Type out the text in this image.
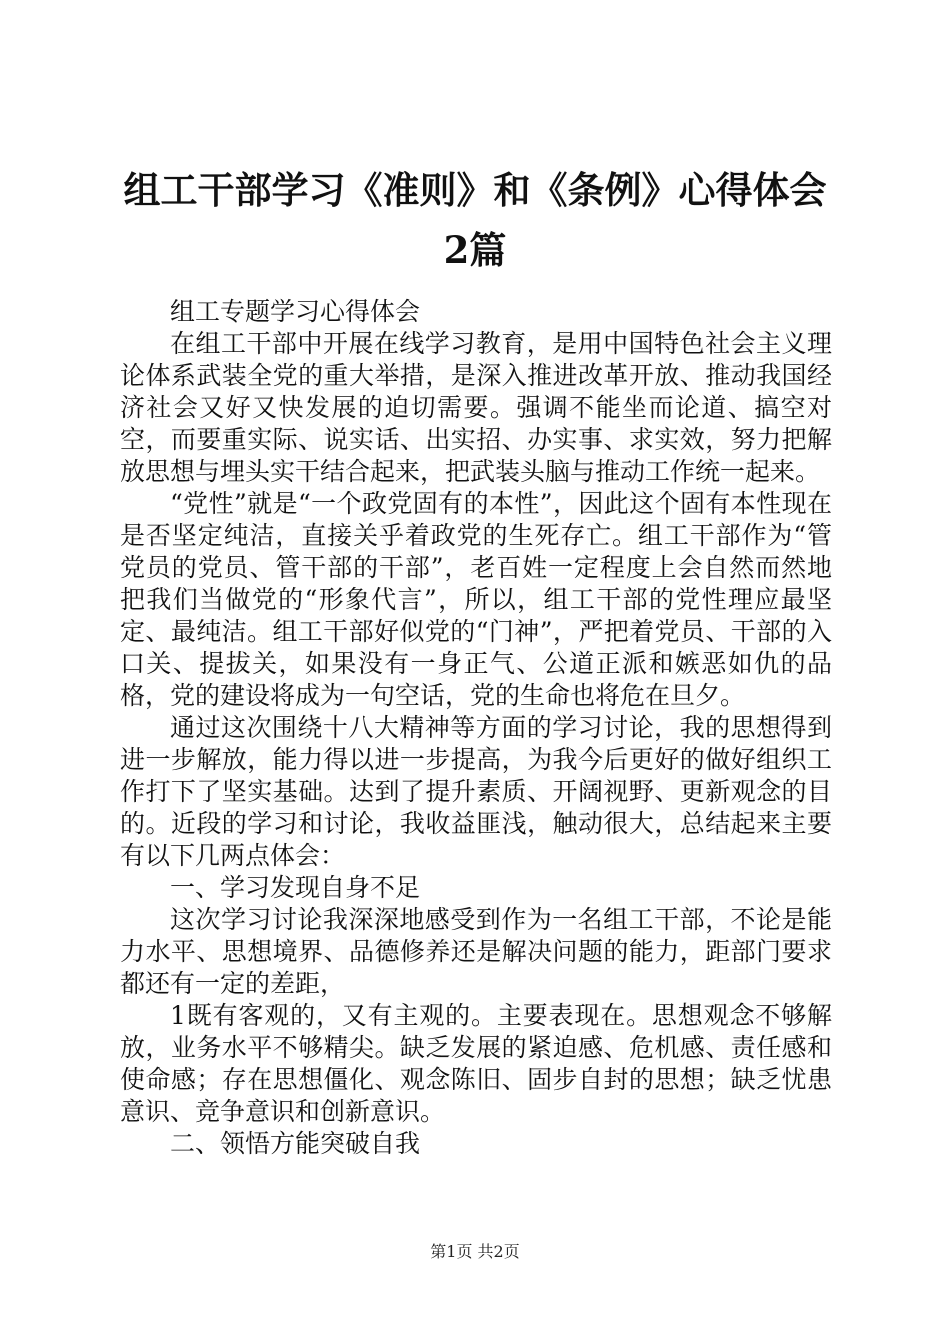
组工干部学习《准则》和《条例》心得体会2篇

组工专题学习心得体会

在组工干部中开展在线学习教育，是用中国特色社会主义理论体系武装全党的重大举措，是深入推进改革开放、推动我国经济社会又好又快发展的迫切需要。强调不能坐而论道、搞空对空，而要重实际、说实话、出实招、办实事、求实效，努力把解放思想与埋头实干结合起来，把武装头脑与推动工作统一起来。

“党性”就是“一个政党固有的本性”，因此这个固有本性现在是否坚定纯洁，直接关乎着政党的生死存亡。组工干部作为“管党员的党员、管干部的干部”，老百姓一定程度上会自然而然地把我们当做党的“形象代言”，所以，组工干部的党性理应最坚定、最纯洁。组工干部好似党的“门神”，严把着党员、干部的入口关、提拔关，如果没有一身正气、公道正派和嫉恶如仇的品格，党的建设将成为一句空话，党的生命也将危在旦夕。

通过这次围绕十八大精神等方面的学习讨论，我的思想得到进一步解放，能力得以进一步提高，为我今后更好的做好组织工作打下了坚实基础。达到了提升素质、开阔视野、更新观念的目的。近段的学习和讨论，我收益匪浅，触动很大，总结起来主要有以下几两点体会：

一、学习发现自身不足

这次学习讨论我深深地感受到作为一名组工干部，不论是能力水平、思想境界、品德修养还是解决问题的能力，距部门要求都还有一定的差距，

1既有客观的，又有主观的。主要表现在。思想观念不够解放，业务水平不够精尖。缺乏发展的紧迫感、危机感、责任感和使命感；存在思想僵化、观念陈旧、固步自封的思想；缺乏忧患意识、竞争意识和创新意识。

二、领悟方能突破自我

第1页 共2页
